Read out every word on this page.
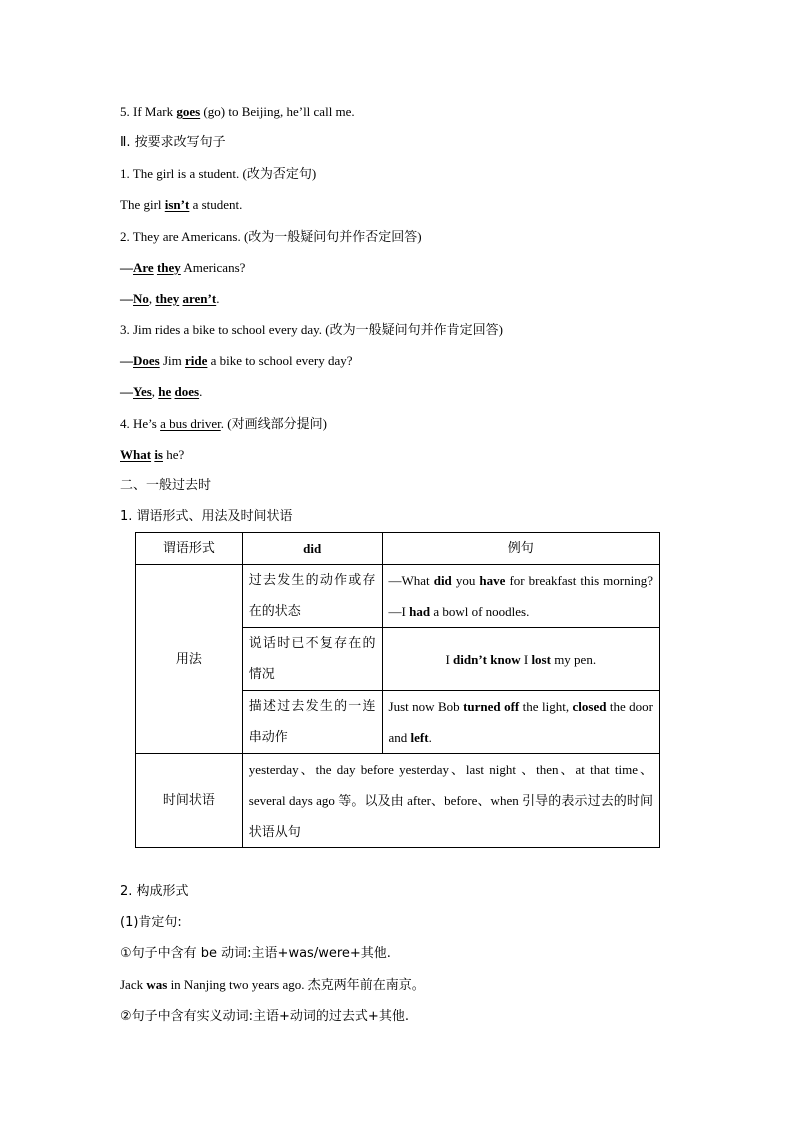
5. If Mark goes (go) to Beijing, he’ll call me.
Ⅱ. 按要求改写句子
1. The girl is a student. (改为否定句)
The girl isn’t a student.
2. They are Americans. (改为一般疑问句并作否定回答)
—Are they Americans?
—No, they aren’t.
3. Jim rides a bike to school every day. (改为一般疑问句并作肯定回答)
—Does Jim ride a bike to school every day?
—Yes, he does.
4. He’s a bus driver. (对画线部分提问)
What is he?
二、一般过去时
1. 谓语形式、用法及时间状语
谓语形式	did	例句
用法	过去发生的动作或存在的状态	—What did you have for breakfast this morning?
—I had a bowl of noodles.

	说话时已不复存在的情况	I didn’t know I lost my pen.
	描述过去发生的一连串动作	Just now Bob turned off the light, closed the door and left.
时间状语	yesterday、the day before yesterday、last night 、then、at that time、several days ago 等。以及由 after、before、when 引导的表示过去的时间状语从句	
2. 构成形式
(1)肯定句:
①句子中含有 be 动词:主语+was/were+其他.
Jack was in Nanjing two years ago. 杰克两年前在南京。
②句子中含有实义动词:主语+动词的过去式+其他.
